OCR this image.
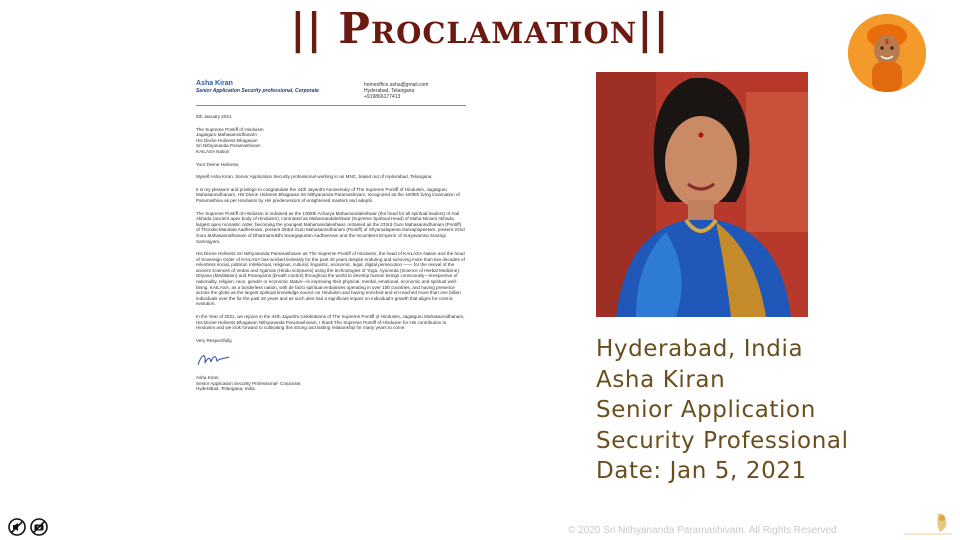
|| Proclamation||
Asha Kiran
Senior Application Security professional, Corporate
homeoffice.asha@gmail.com
Hyderabad, Telangana
+919866177413

5th January 2021

The Supreme Pontiff of Hinduism
Jagatguru Mahasannidhanam
His Divine Holiness Bhagavan
Sri Nithyananda Paramashivam
KAILASA Nation

Your Divine Holiness,

Myself Asha Kiran, Senior Application Security professional working in an MNC, based out of Hyderabad, Telangana.

It is my pleasure and privilege to congratulate the 44th Jayanthi Anniversary of The Supreme Pontiff of Hinduism, Jagatguru Mahasannidhanam, His Divine Holiness Bhagavan Sri Nithyananda Paramashivam, recognized as the 1008th living incarnation of Paramashiva as per Hinduism by His predecessors of enlightened masters and adepts.

The Supreme Pontiff of Hinduism is ordained as the 1008th Acharya Mahamandaleshwar (the head for all spiritual leaders) of Atal Akhada (ancient apex body of Hinduism), coronated as Mahamandaleshwar (Supreme Spiritual Head) of Maha Nirvani Akhada, largest apex monastic order, becoming the youngest Mahamandaleshwar, ordained as the 233rd Guru Mahasannidhanam (Pontiff) of Thondai Mandala Aadheenam, present 293rd Guru Mahasannidhanam (Pontiff) of Shyamalapeeta Sarvajnapeetam, present 22nd Guru Mahasannidhanam of Dharmamukthi Swargapuram Aadheenam and the Incumbent Emperor of Suryavamsa Surangi Samrajyam.

His Divine Holiness Sri Nithyananda Paramashivam as The Supreme Pontiff of Hinduism, the head of KAILASA Nation and the head of Sovereign Order of KAILASA has worked tirelessly for the past 40 years despite enduring and surviving more than two decades of relentless social, political, intellectual, religious, cultural, linguistic, economic, legal, digital persecution —— for the revival of the ancient sciences of Vedas and Agamas (Hindu scriptures) using the technologies of Yoga, Ayurveda (Science of Herbal Medicine), Dhyana (Meditation) and Pranayama (breath control) throughout the world to develop human beings consciously—irrespective of nationality, religion, race, gender or economic status—in improving their physical, mental, emotional, economic and spiritual well-being. KAILASA, as a borderless nation, with de facto spiritual embassies operating in over 100 countries, and having presence across the globe as the largest spiritual knowledge source on Hinduism and having enriched and en-reached more than one billion individuals over the for the past 26 years and as such also had a significant impact on individual's growth that aligns for cosmic evolution.

In the Year of 2021, we rejoice in the 44th Jayanthi Celebrations of The Supreme Pontiff of Hinduism, Jagatguru Mahasannidhanam, His Divine Holiness Bhagavan Nithyananda Paramashivam. I thank The Supreme Pontiff of Hinduism for His contribution to Hinduism and we look forward to cultivating this strong and lasting relationship for many years to come.

Very Respectfully,

Asha Kiran,
Senior Application Security Professional- Corporate,
Hyderabad, Telangana, India.
Hyderabad, India
Asha Kiran
Senior Application
Security Professional
Date: Jan 5, 2021
© 2020 Sri Nithyananda Paramashivam. All Rights Reserved
